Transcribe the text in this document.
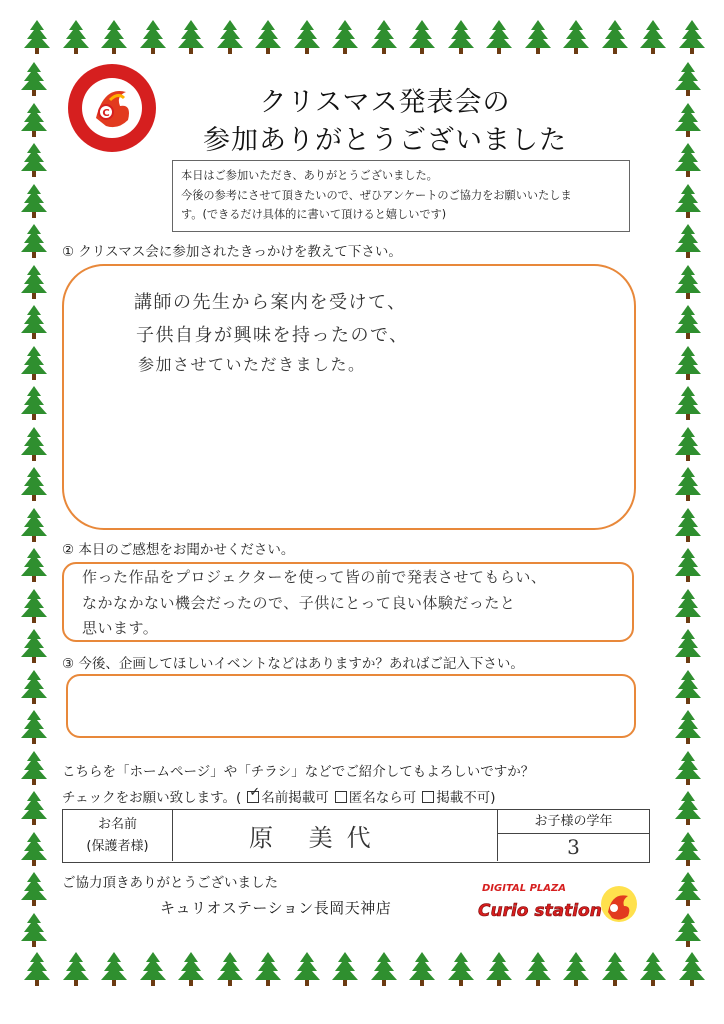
C	クリスマス発表会の
参加ありがとうございました
本日はご参加いただき、ありがとうございました。
今後の参考にさせて頂きたいので、ぜひアンケートのご協力をお願いいたしま
す。(できるだけ具体的に書いて頂けると嬉しいです)
① クリスマス会に参加されたきっかけを教えて下さい。
講師の先生から案内を受けて、
子供自身が興味を持ったので、
参加させていただきました。
② 本日のご感想をお聞かせください。
作った作品をプロジェクターを使って皆の前で発表させてもらい、
なかなかない機会だったので、子供にとって良い体験だったと
思います。
③ 今後、企画してほしいイベントなどはありますか？あればご記入下さい。
こちらを「ホームページ」や「チラシ」などでご紹介してもよろしいですか？
チェックをお願い致します。( ✓ 名前掲載可 匿名なら可 掲載不可)
お名前
(保護者様)	原 美代
お子様の学年
3
ご協力頂きありがとうございました
キュリオステーション長岡天神店
DIGITAL PLAZA
Curio station
